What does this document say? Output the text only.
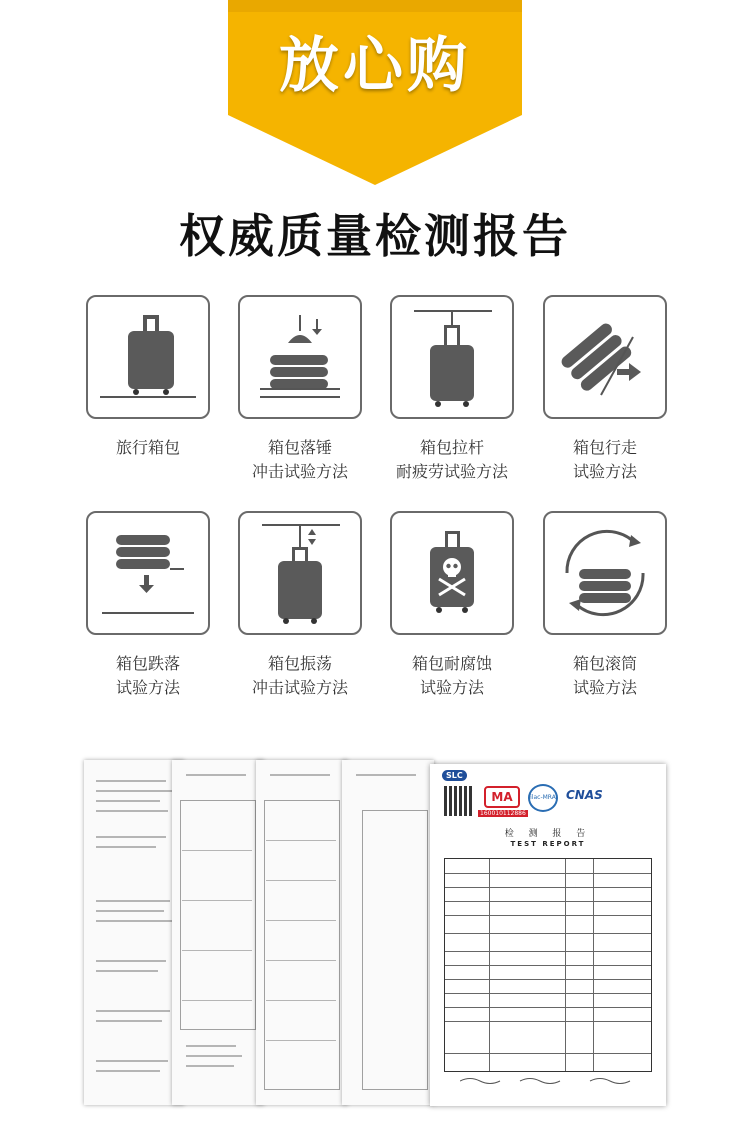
放心购
权威质量检测报告
旅行箱包	箱包落锤
冲击试验方法
箱包拉杆
耐疲劳试验方法
箱包行走
试验方法
箱包跌落
试验方法
箱包振荡
冲击试验方法
箱包耐腐蚀
试验方法
箱包滚筒
试验方法
SLC
MA
160010112886
ilac-MRA CNAS
检 测 报 告
TEST REPORT
